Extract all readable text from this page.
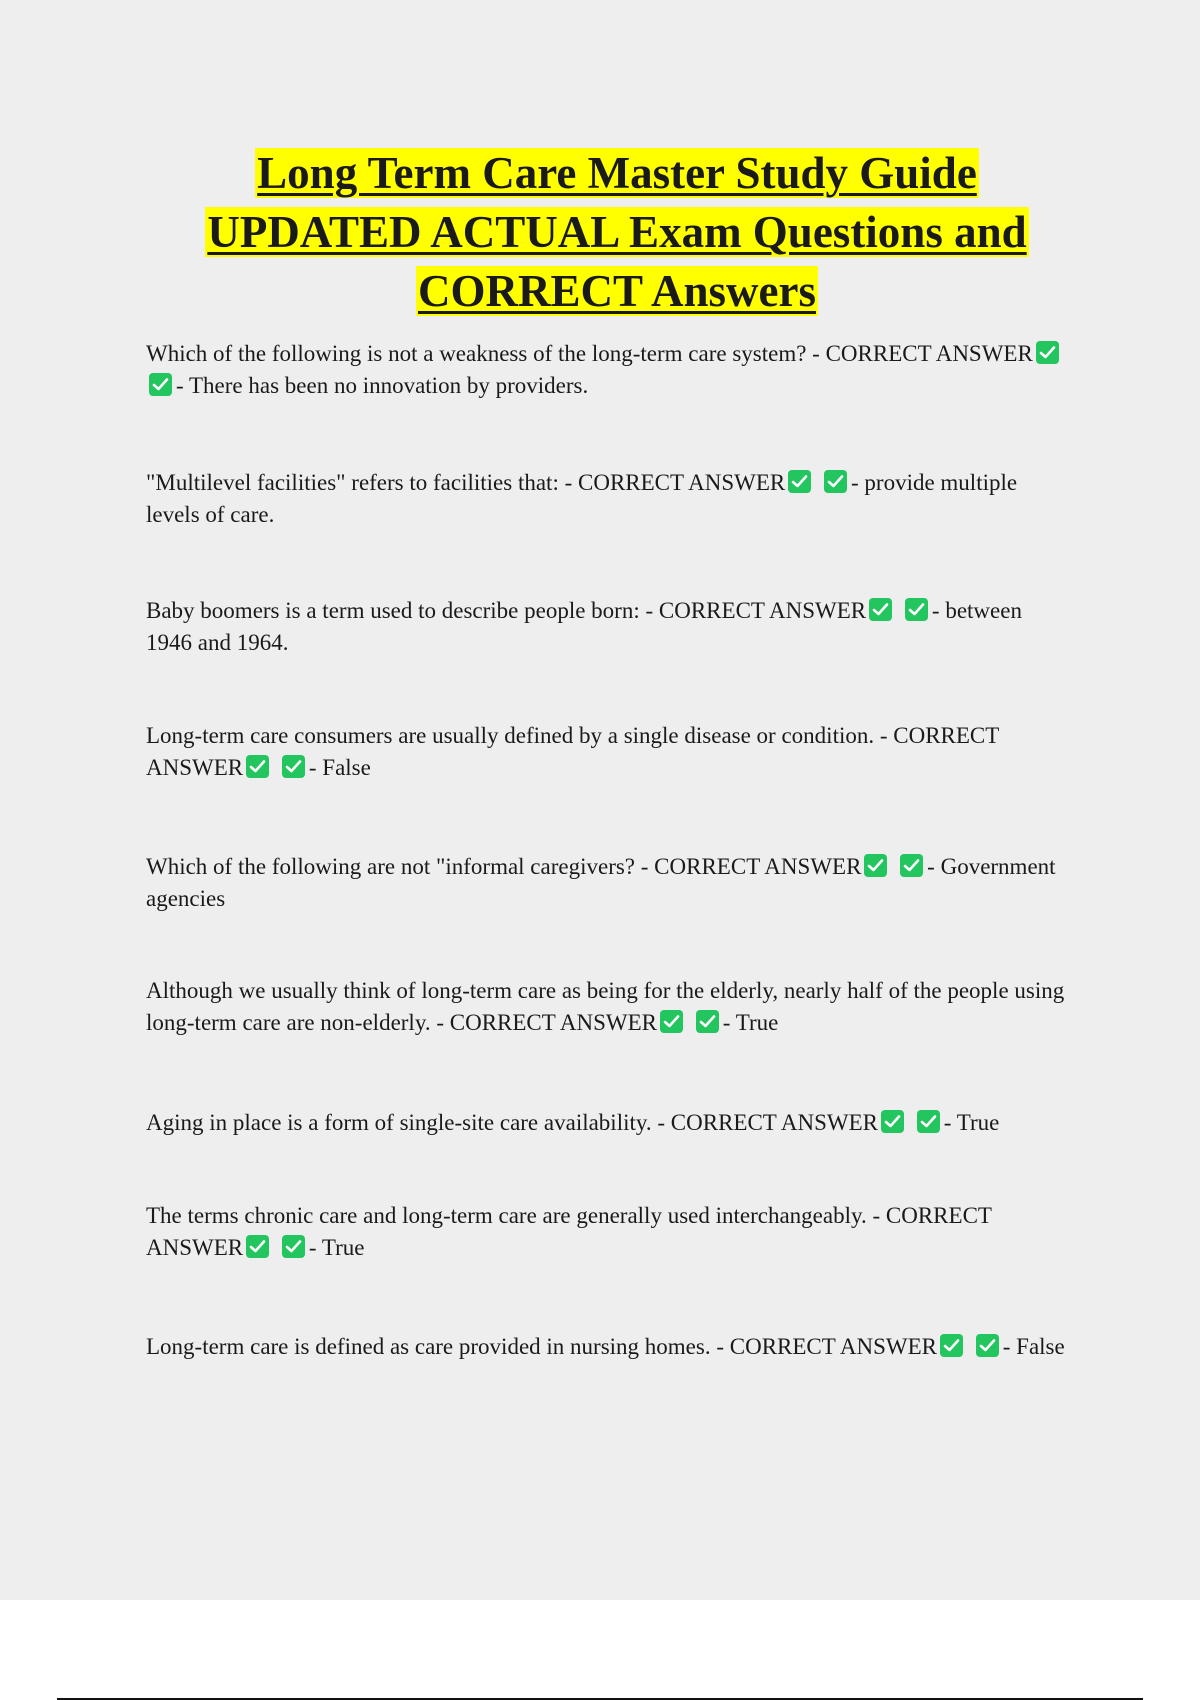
Long Term Care Master Study Guide
UPDATED ACTUAL Exam Questions and
CORRECT Answers

Which of the following is not a weakness of the long-term care system? - CORRECT ANSWER

- There has been no innovation by providers.

"Multilevel facilities" refers to facilities that: - CORRECT ANSWER
	- provide multiple levels of care.

Baby boomers is a term used to describe people born: - CORRECT ANSWER
	- between 1946 and 1964.

Long-term care consumers are usually defined by a single disease or condition. - CORRECT ANSWER
	- False

Which of the following are not "informal caregivers? - CORRECT ANSWER
	- Government agencies

Although we usually think of long-term care as being for the elderly, nearly half of the people using long-term care are non-elderly. - CORRECT ANSWER
	- True

Aging in place is a form of single-site care availability. - CORRECT ANSWER
	- True

The terms chronic care and long-term care are generally used interchangeably. - CORRECT ANSWER
	- True

Long-term care is defined as care provided in nursing homes. - CORRECT ANSWER
	- False
